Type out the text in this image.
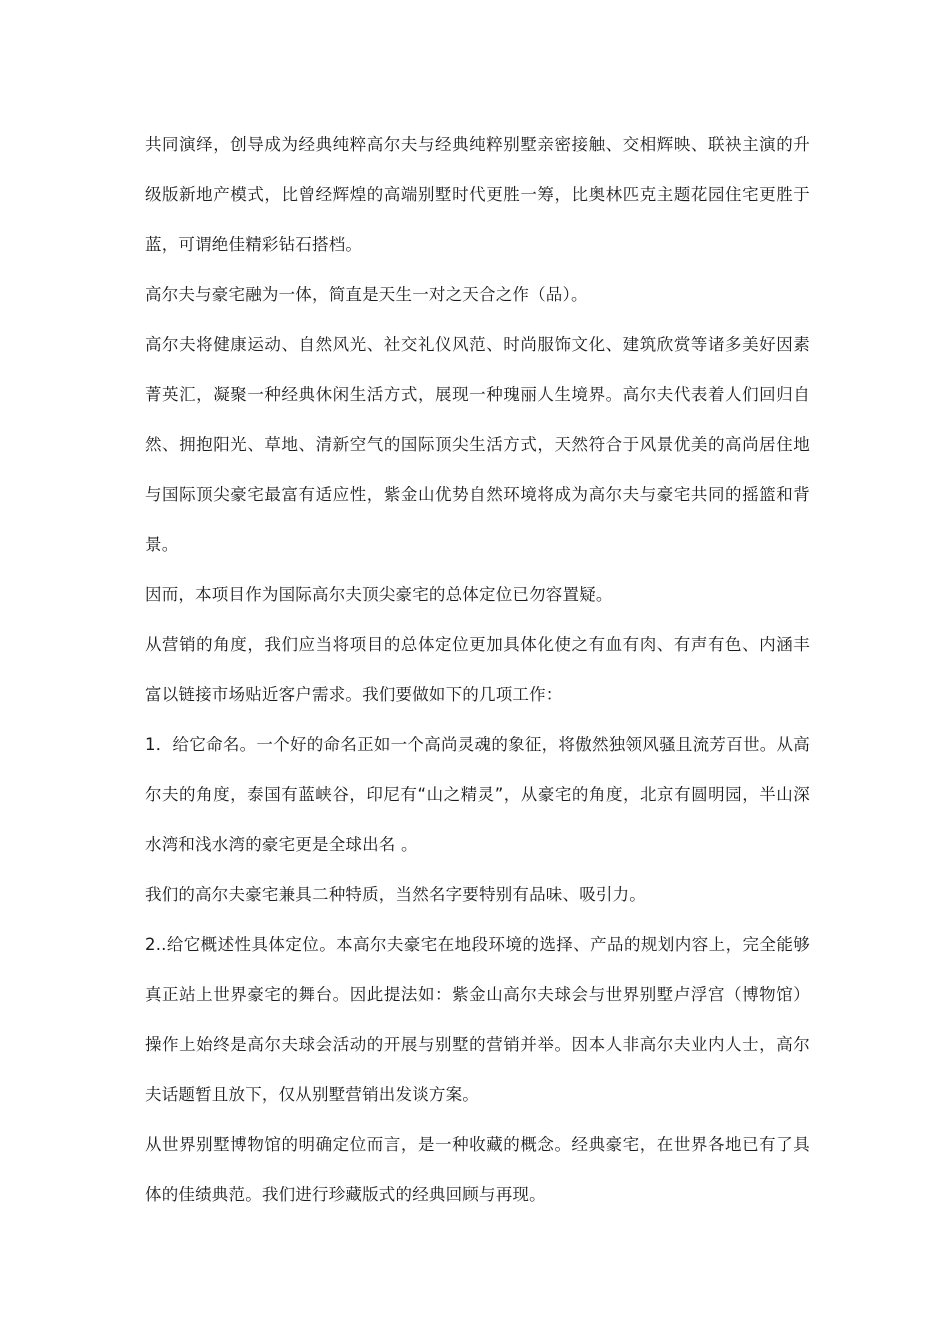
共同演绎，创导成为经典纯粹高尔夫与经典纯粹别墅亲密接触、交相辉映、联袂主演的升级版新地产模式，比曾经辉煌的高端别墅时代更胜一筹，比奥林匹克主题花园住宅更胜于蓝，可谓绝佳精彩钻石搭档。

高尔夫与豪宅融为一体，简直是天生一对之天合之作（品）。

高尔夫将健康运动、自然风光、社交礼仪风范、时尚服饰文化、建筑欣赏等诸多美好因素菁英汇，凝聚一种经典休闲生活方式，展现一种瑰丽人生境界。高尔夫代表着人们回归自然、拥抱阳光、草地、清新空气的国际顶尖生活方式，天然符合于风景优美的高尚居住地与国际顶尖豪宅最富有适应性，紫金山优势自然环境将成为高尔夫与豪宅共同的摇篮和背景。

因而，本项目作为国际高尔夫顶尖豪宅的总体定位已勿容置疑。

从营销的角度，我们应当将项目的总体定位更加具体化使之有血有肉、有声有色、内涵丰富以链接市场贴近客户需求。我们要做如下的几项工作：

1．给它命名。一个好的命名正如一个高尚灵魂的象征，将傲然独领风骚且流芳百世。从高尔夫的角度，泰国有蓝峡谷，印尼有“山之精灵”，从豪宅的角度，北京有圆明园，半山深水湾和浅水湾的豪宅更是全球出名 。

我们的高尔夫豪宅兼具二种特质，当然名字要特别有品味、吸引力。

2..给它概述性具体定位。本高尔夫豪宅在地段环境的选择、产品的规划内容上，完全能够真正站上世界豪宅的舞台。因此提法如：紫金山高尔夫球会与世界别墅卢浮宫（博物馆）操作上始终是高尔夫球会活动的开展与别墅的营销并举。因本人非高尔夫业内人士，高尔夫话题暂且放下，仅从别墅营销出发谈方案。

从世界别墅博物馆的明确定位而言，是一种收藏的概念。经典豪宅，在世界各地已有了具体的佳绩典范。我们进行珍藏版式的经典回顾与再现。
